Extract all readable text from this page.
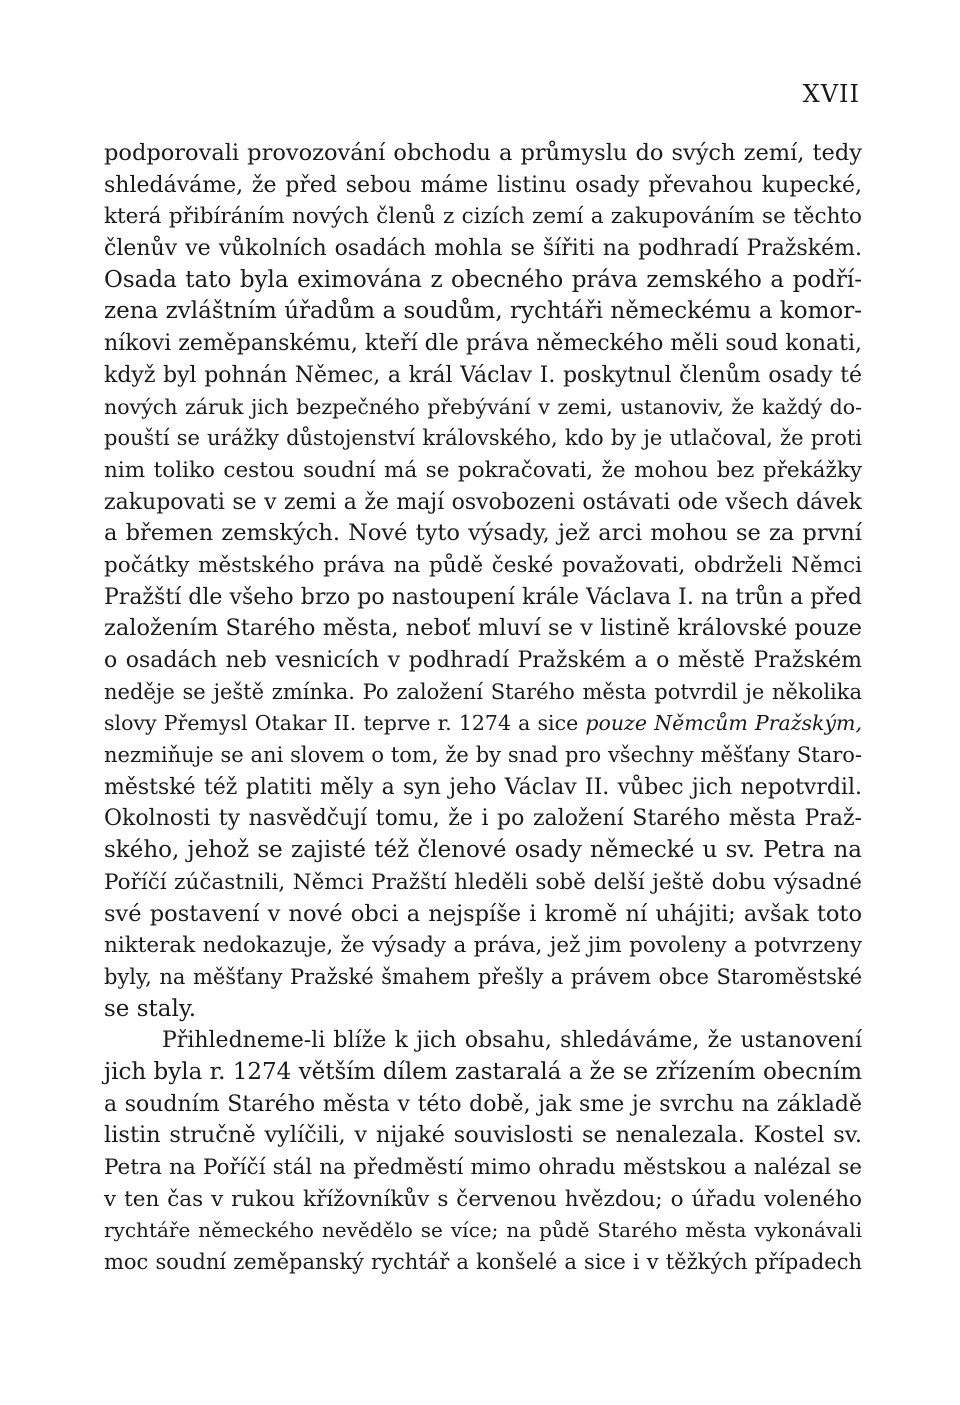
XVII

podporovali provozování obchodu a průmyslu do svých zemí, tedy
shledáváme, že před sebou máme listinu osady převahou kupecké,
která přibíráním nových členů z cizích zemí a zakupováním se těchto
členův ve vůkolních osadách mohla se šířiti na podhradí Pražském.
Osada tato byla eximována z obecného práva zemského a podří-
zena zvláštním úřadům a soudům, rychtáři německému a komor-
níkovi zeměpanskému, kteří dle práva německého měli soud konati,
když byl pohnán Němec, a král Václav I. poskytnul členům osady té
nových záruk jich bezpečného přebývání v zemi, ustanoviv, že každý do-
pouští se urážky důstojenství královského, kdo by je utlačoval, že proti
nim toliko cestou soudní má se pokračovati, že mohou bez překážky
zakupovati se v zemi a že mají osvobozeni ostávati ode všech dávek
a břemen zemských. Nové tyto výsady, jež arci mohou se za první
počátky městského práva na půdě české považovati, obdrželi Němci
Pražští dle všeho brzo po nastoupení krále Václava I. na trůn a před
založením Starého města, neboť mluví se v listině královské pouze
o osadách neb vesnicích v podhradí Pražském a o městě Pražském
neděje se ještě zmínka. Po založení Starého města potvrdil je několika
slovy Přemysl Otakar II. teprve r. 1274 a sice pouze Němcům Pražským,
nezmiňuje se ani slovem o tom, že by snad pro všechny měšťany Staro-
městské též platiti měly a syn jeho Václav II. vůbec jich nepotvrdil.
Okolnosti ty nasvědčují tomu, že i po založení Starého města Praž-
ského, jehož se zajisté též členové osady německé u sv. Petra na
Poříčí zúčastnili, Němci Pražští hleděli sobě delší ještě dobu výsadné
své postavení v nové obci a nejspíše i kromě ní uhájiti; avšak toto
nikterak nedokazuje, že výsady a práva, jež jim povoleny a potvrzeny
byly, na měšťany Pražské šmahem přešly a právem obce Staroměstské
se staly.
Přihledneme-li blíže k jich obsahu, shledáváme, že ustanovení
jich byla r. 1274 větším dílem zastaralá a že se zřízením obecním
a soudním Starého města v této době, jak sme je svrchu na základě
listin stručně vylíčili, v nijaké souvislosti se nenalezala. Kostel sv.
Petra na Poříčí stál na předměstí mimo ohradu městskou a nalézal se
v ten čas v rukou křížovníkův s červenou hvězdou; o úřadu voleného
rychtáře německého nevědělo se více; na půdě Starého města vykonávali
moc soudní zeměpanský rychtář a konšelé a sice i v těžkých případech
